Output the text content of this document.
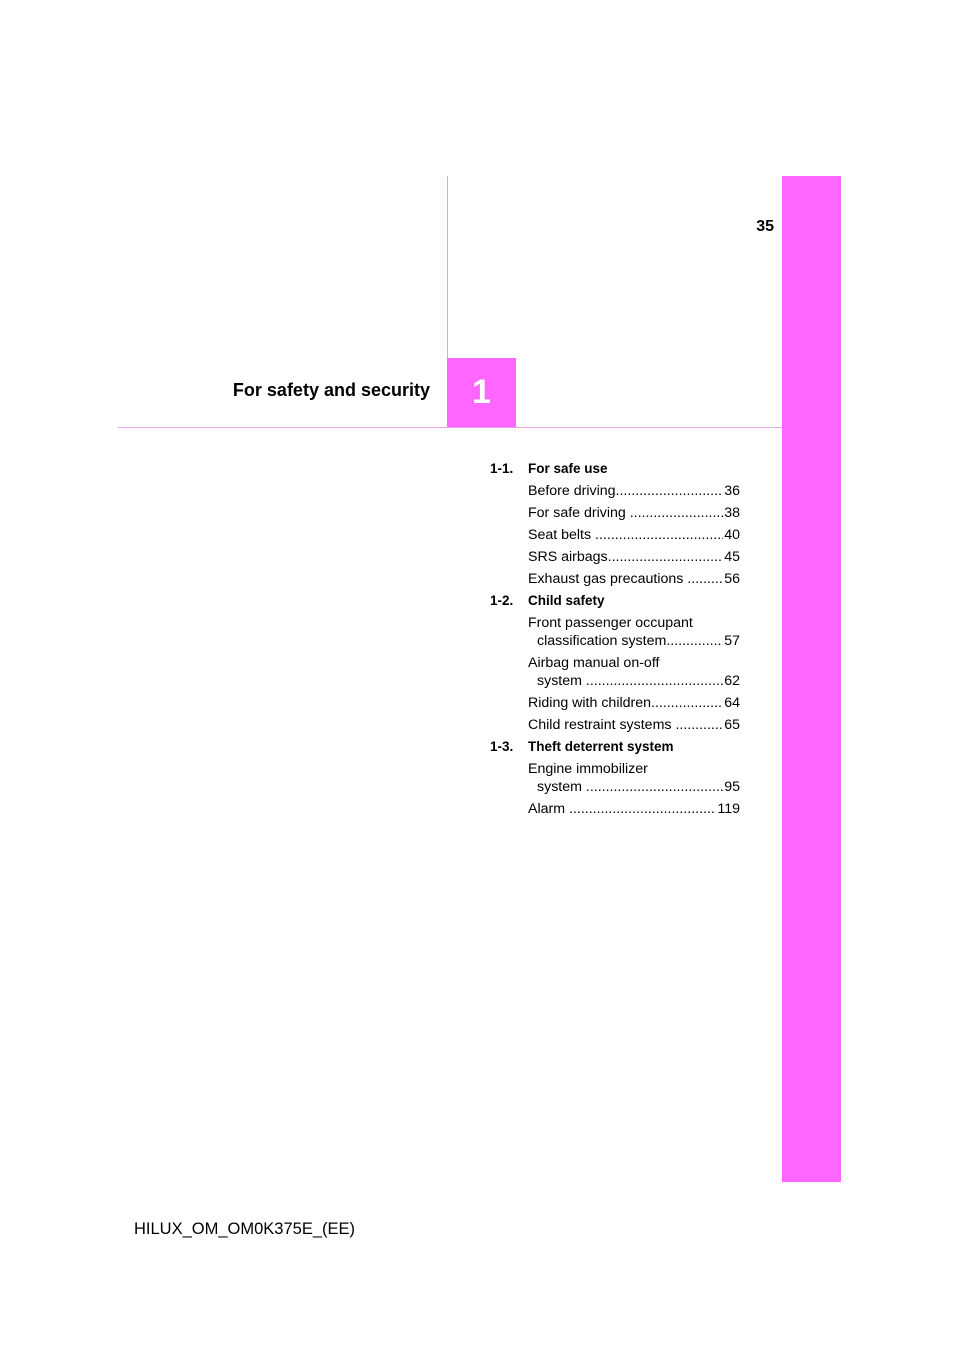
35
For safety and security 1
1-1.	For safe use
Before driving .....	36
For safe driving .....	38
Seat belts .....	40
SRS airbags .....	45
Exhaust gas precautions .....	56
1-2.	Child safety
Front passenger occupant
classification system .....	57
Airbag manual on-off
system .....	62
Riding with children .....	64
Child restraint systems .....	65
1-3.	Theft deterrent system
Engine immobilizer
system .....	95
Alarm .....	119
HILUX_OM_OM0K375E_(EE)
